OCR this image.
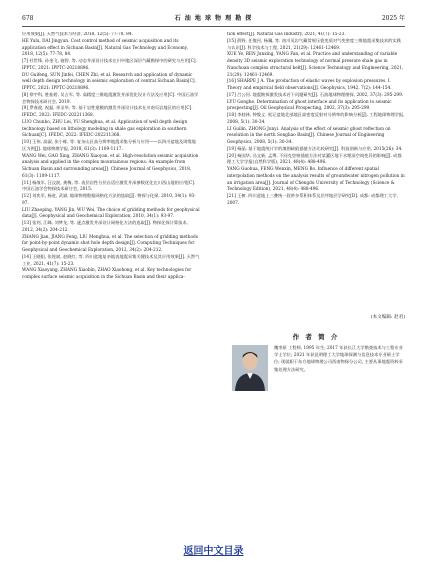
678	石 油 地 球 物 理 勘 探	2025 年

应用效果[J]. 天然气技术与经济, 2018, 12(5): 77-78, 84.

HE Yulu, DAI Jingyun. Cost control method of seismic acquisition and its application effect in Sichuan Basin[J]. Natural Gas Technology and Economy, 2018, 12(5): 77-78, 84.

[7] 杜世锋, 孙金飞, 施智, 等. 动态井深设计技术在川中地区深层气藏勘探中的研究与应用[C]. IPPTC, 2021: IPPTC-20218896.

DU Guifeng, SUN Jinfei, CHEN Zhi, et al. Research and application of dynamic well depth design technology in seismic exploration of central Sichuan Basin[C]. IPPTC, 2021: IPPTC-20218896.

[8] 徐宇科, 胜桂碧, 吴占军, 等. 高精度三维地震激发井深优化设计方法及应用[C]. 中国石油学会物探技术研讨会, 2019.

[9] 罗春波, 祝磊, 余圣华, 等. 基于岩性建模的激发井深设计技术在川南页岩地区的应用[C]. IFEDC, 2022: IFEDC-202211368.

LUO Chunbo, ZHU Lei, YU Shenghua, et al. Application of well depth design technology based on lithology modeling in shale gas exploration in southern Sichuan[C]. IFEDC, 2022: IFEDC-202211368.

[10] 王伟, 高淑, 张小栋, 等. 复杂山区高分辨率地震采集分析与应用——以四川盆地及周缘地区为例[J]. 地球物理学报, 2018, 61(3): 1109-1117.

WANG Wei, GAO Xing, ZHANG Xiaoyan, et al. High-resolution seismic acquisition analysis and applied in the complex mountainous regions: An example from Sichuan Basin and surrounding areas[J]. Chinese Journal of Geophysics, 2018, 61(3): 1109-1117.

[11] 杨战军, 汪汶波, 龚梅, 等. 表层岩性分层自适应激发井深参数优化在川西山地的应用[C]. 中国石油学会物探技术研讨会, 2015.

[12] 刘兆军, 杨进, 武斌. 地球物理数据网格化方法的选取[J]. 物探与化探, 2010, 34(1): 93-97.

LIU Zhaoping, YANG Jin, WU Wei. The choice of gridding methods for geophysical data[J]. Geophysical and Geochemical Exploration, 2010, 34(1): 93-97.

[13] 张剑, 江峰, 刘梦龙, 等. 逐点激发井深设计网格化方法的选取[J]. 物探化探计算技术, 2012, 34(2): 204-212.

ZHANG Jian, JIANG Feng, LIU Menghua, et al. The selection of gridding methods for point-by-point dynamic shot hole depth design[J]. Computing Techniques for Geophysical and Geochemical Exploration, 2012, 34(2): 204-212.

[14] 王晓阳, 张锐斌, 赵晓红, 等. 四川盆地复杂地表地震采集关键技术及其应用效果[J]. 天然气工业, 2021, 41(7): 15-23.

WANG Xiaoyang, ZHANG Xiaobin, ZHAO Xiaohong, et al. Key technologies for complex surface seismic acquisition in the Sichuan Basin and their applica-

tion effect[J]. Natural Gas Industry, 2021, 41(7): 15-23.

[15] 薛野, 任俊河, 杨骥, 等. 南川页岩气藏常规压裂变质对气变密度三维地震采集技术的实践与认识[J]. 科学技术与工程, 2021, 21(29): 12461-12469.

XUE Ye, REN Junxing, YANG Fan, et al. Practice and understanding of variable density 3D seismic exploration technology of normal pressure shale gas in Nanchuan complex structural belt[J]. Science Technology and Engineering, 2021, 21(29): 12461-12469.

[16] SHARPE J A. The production of elastic waves by explosion pressures. I. Theory and empirical field observations[J]. Geophysics, 1942, 7(2): 144-154.

[17] 吕公河. 地震勘探激发技术若干问题研究[J]. 石油地球物理勘探, 2002, 37(3): 295-299.

LYU Gonghe. Determination of ghost interface and its application to seismic prospecting[J]. Oil Geophysical Prospecting, 2002, 37(3): 295-299.

[18] 李桂林, 钟俊义. 松辽盆地北部地区高密度反射对分辨率的影响分析[J]. 工程地球物理学报, 2008, 5(1): 30-34.

LI Guilin, ZHONG Junyi. Analysis of the effect of seismic ghost reflection on resolution in the north Songliao Basin[J]. Chinese Journal of Engineering Geophysics, 2008, 5(1): 30-34.

[19] 杨晶. 基于地震统计学的填图缺陷插值方法比较研究[J]. 科技创新与应用, 2015(26): 34.

[20] 杨国华, 冯文新, 孟博. 不同克里格插值方法对某灌区地下水埋深空间变异的影响[J]. 成都理工大学学报(自然科学版), 2021, 48(4): 488-496.

YANG Guohua, FENG Wenxin, MENG Bo. Influence of different spatial interpolation methods on the analysis results of groundwater nitrogen pollution in an irrigation area[J]. Journal of Chengdu University of Technology (Science & Technology Edition), 2021, 48(4): 488-496.

[21] 王树. 四川盆地上三叠统一段带多系积体系及层序地层学研究[D]. 成都: 成都理工大学, 2007.

(本文编辑: 赵君)
作 者 简 介
魏李原 工程师, 1995 年生; 2017 年获长江大学勘查技术与工程专业学士学位; 2021 年获昆明理工大学地球探测与信息技术专业硕士学位; 现就职于东方地球物理公司西南物探分公司, 主要从事地震资料采集处理方法研究。
返回中文目录
